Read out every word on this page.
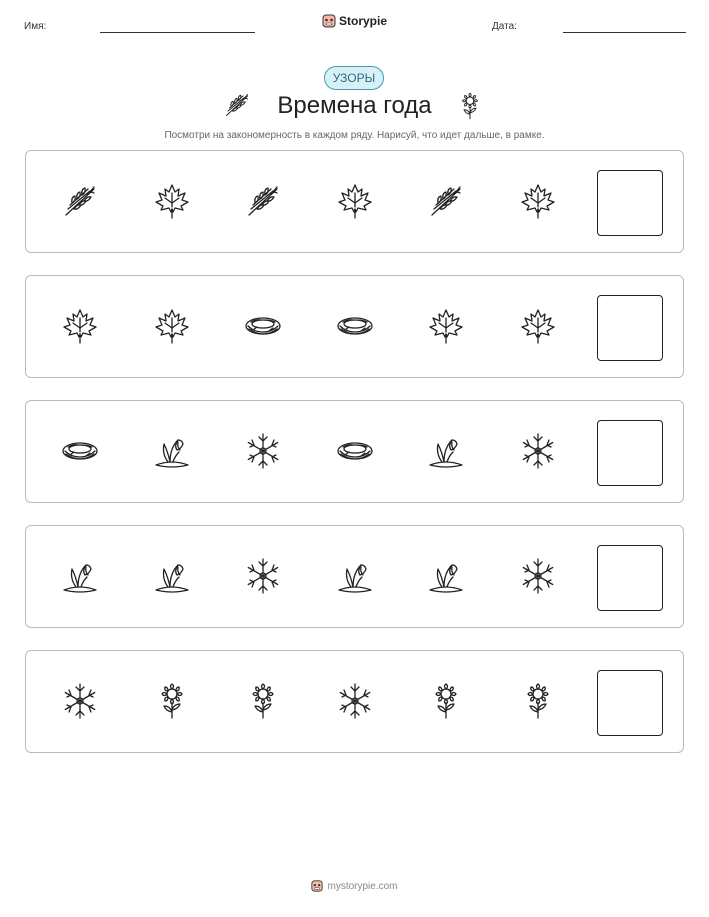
Имя:	Дата:
Storypie
УЗОРЫ
Времена года
Посмотри на закономерность в каждом ряду. Нарисуй, что идет дальше, в рамке.
mystorypie.com
